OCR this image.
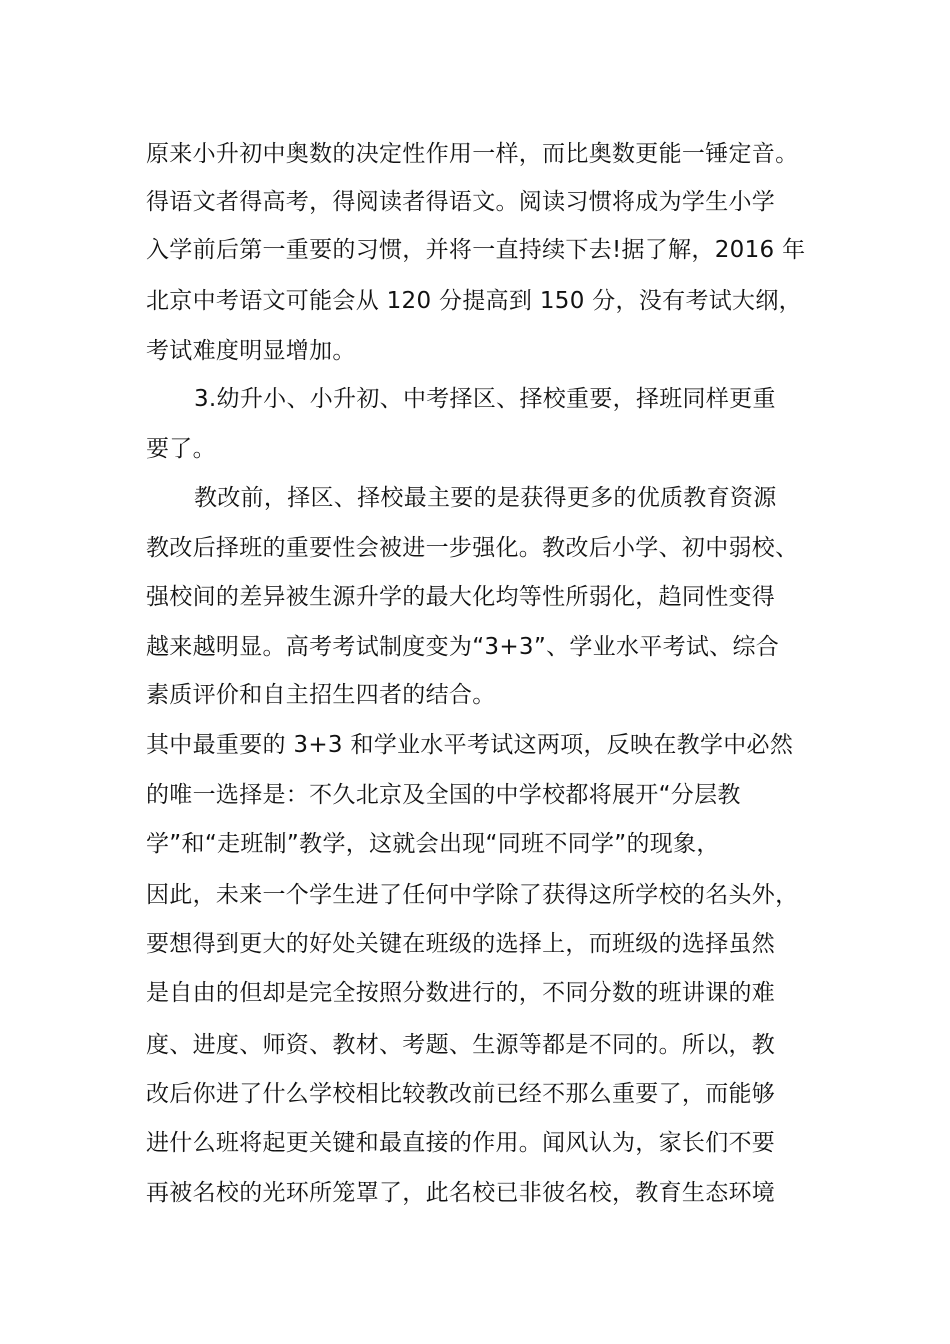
原来小升初中奥数的决定性作用一样，而比奥数更能一锤定音。
得语文者得高考，得阅读者得语文。阅读习惯将成为学生小学
入学前后第一重要的习惯，并将一直持续下去!据了解，2016 年
北京中考语文可能会从 120 分提高到 150 分，没有考试大纲，
考试难度明显增加。
3.幼升小、小升初、中考择区、择校重要，择班同样更重
要了。
教改前，择区、择校最主要的是获得更多的优质教育资源
教改后择班的重要性会被进一步强化。教改后小学、初中弱校、
强校间的差异被生源升学的最大化均等性所弱化，趋同性变得
越来越明显。高考考试制度变为“3+3”、学业水平考试、综合
素质评价和自主招生四者的结合。
其中最重要的 3+3 和学业水平考试这两项，反映在教学中必然
的唯一选择是：不久北京及全国的中学校都将展开“分层教
学”和“走班制”教学，这就会出现“同班不同学”的现象，
因此，未来一个学生进了任何中学除了获得这所学校的名头外，
要想得到更大的好处关键在班级的选择上，而班级的选择虽然
是自由的但却是完全按照分数进行的，不同分数的班讲课的难
度、进度、师资、教材、考题、生源等都是不同的。所以，教
改后你进了什么学校相比较教改前已经不那么重要了，而能够
进什么班将起更关键和最直接的作用。闻风认为，家长们不要
再被名校的光环所笼罩了，此名校已非彼名校，教育生态环境
